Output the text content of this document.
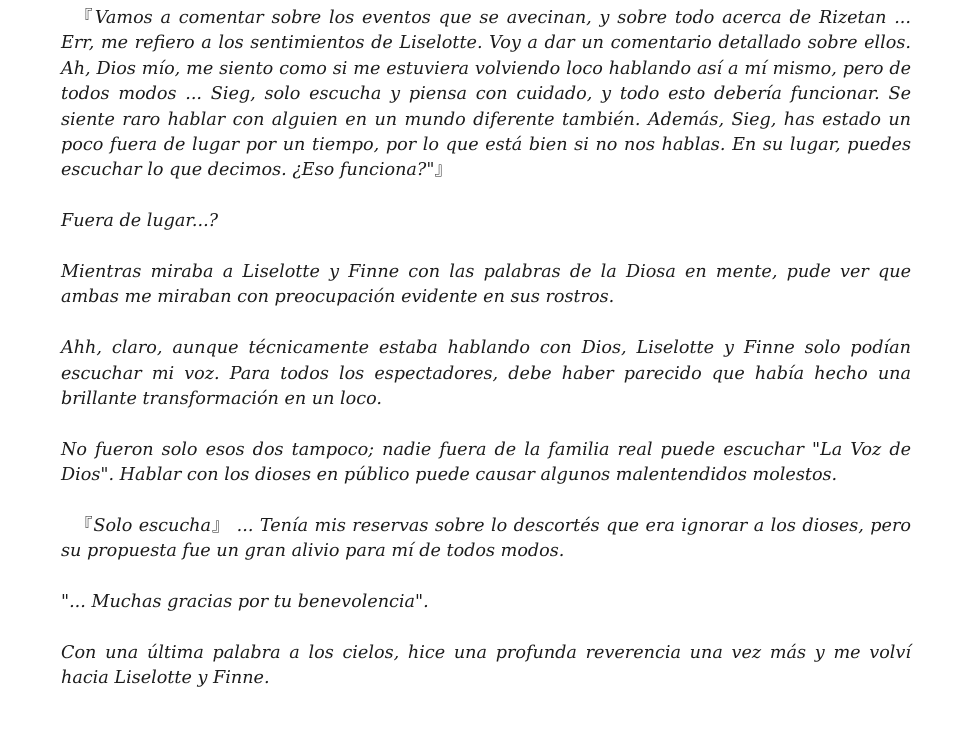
『Vamos a comentar sobre los eventos que se avecinan, y sobre todo acerca de Rizetan ... Err, me refiero a los sentimientos de Liselotte. Voy a dar un comentario detallado sobre ellos. Ah, Dios mío, me siento como si me estuviera volviendo loco hablando así a mí mismo, pero de todos modos ... Sieg, solo escucha y piensa con cuidado, y todo esto debería funcionar. Se siente raro hablar con alguien en un mundo diferente también. Además, Sieg, has estado un poco fuera de lugar por un tiempo, por lo que está bien si no nos hablas. En su lugar, puedes escuchar lo que decimos. ¿Eso funciona?"』

Fuera de lugar...?

Mientras miraba a Liselotte y Finne con las palabras de la Diosa en mente, pude ver que ambas me miraban con preocupación evidente en sus rostros.

Ahh, claro, aunque técnicamente estaba hablando con Dios, Liselotte y Finne solo podían escuchar mi voz. Para todos los espectadores, debe haber parecido que había hecho una brillante transformación en un loco.

No fueron solo esos dos tampoco; nadie fuera de la familia real puede escuchar "La Voz de Dios". Hablar con los dioses en público puede causar algunos malentendidos molestos.

『Solo escucha』 ... Tenía mis reservas sobre lo descortés que era ignorar a los dioses, pero su propuesta fue un gran alivio para mí de todos modos.

"... Muchas gracias por tu benevolencia".

Con una última palabra a los cielos, hice una profunda reverencia una vez más y me volví hacia Liselotte y Finne.
